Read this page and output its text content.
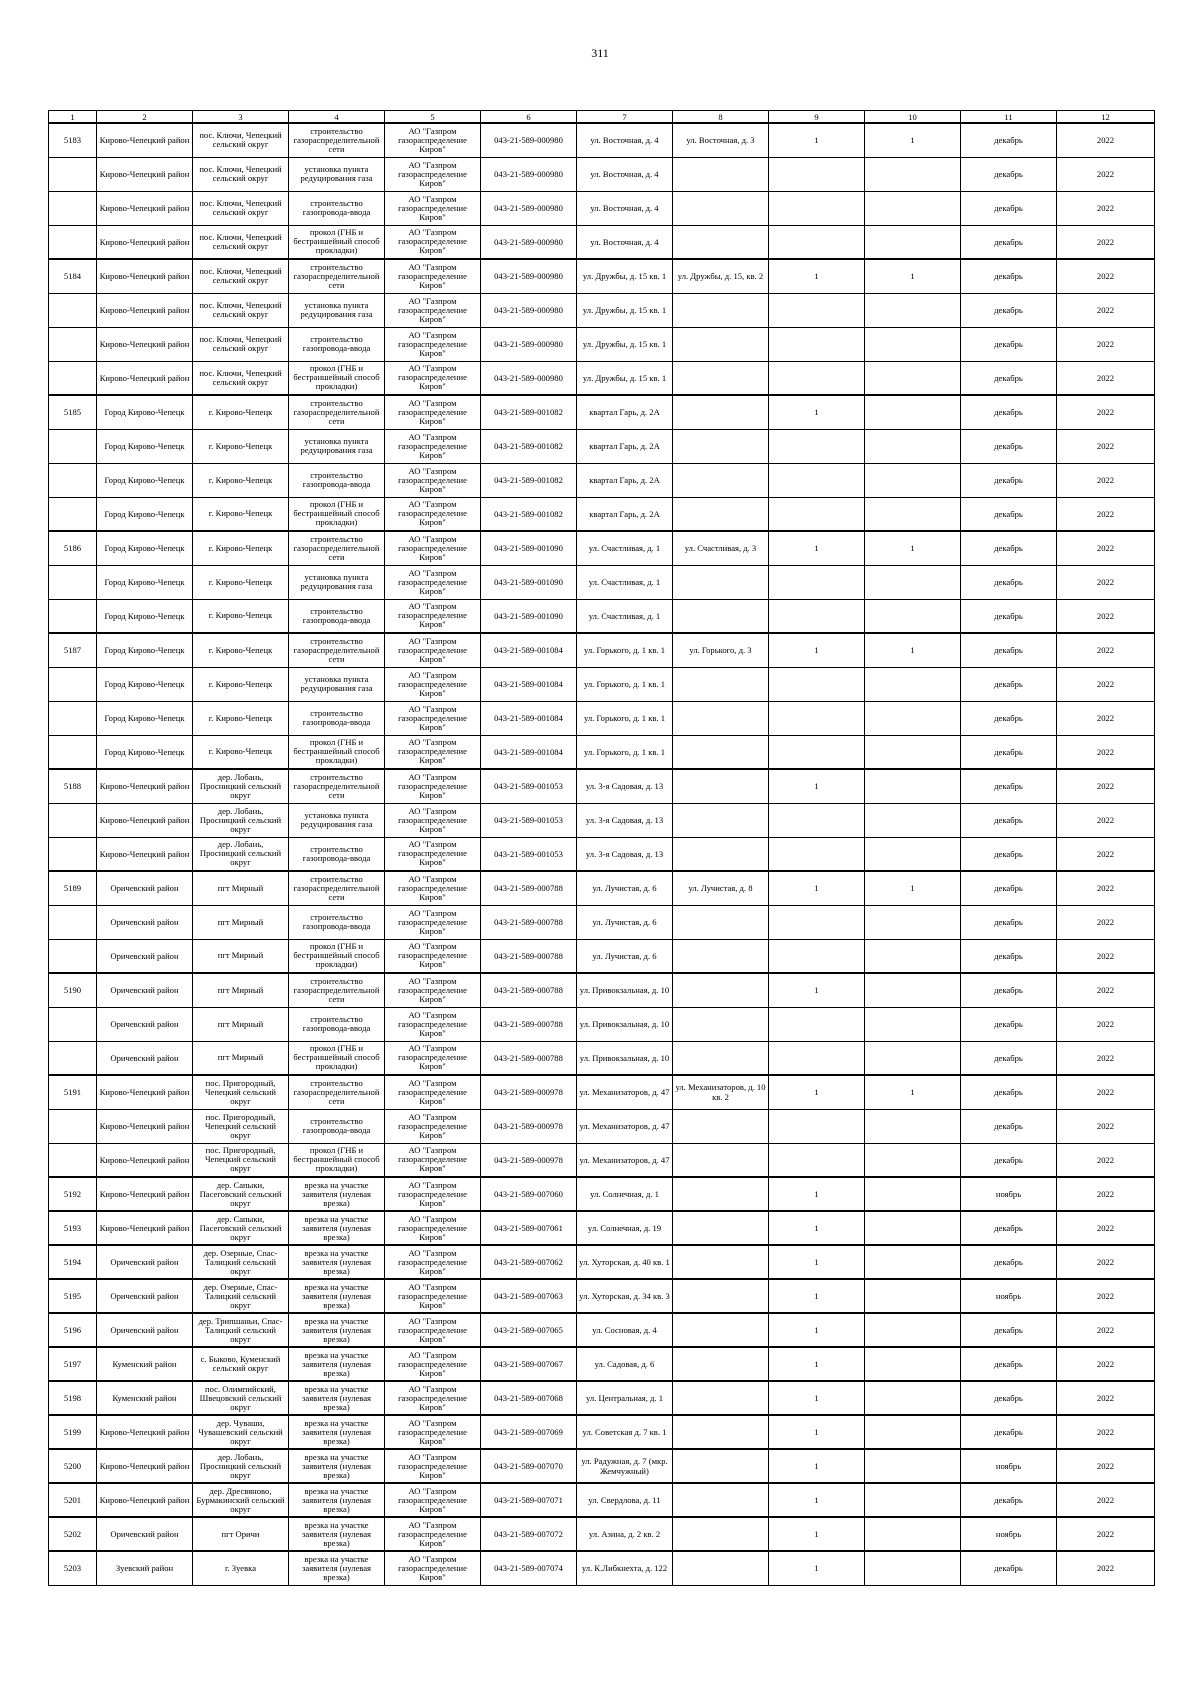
311
1	2	3	4	5	6	7	8	9	10	11	12
5183	Кирово-Чепецкий район	пос. Ключи, Чепецкий сельский округ	строительство газораспределительной сети	АО "Газпром газораспределение Киров"	043-21-589-000980	ул. Восточная, д. 4	ул. Восточная, д. 3	1	1	декабрь	2022
	Кирово-Чепецкий район	пос. Ключи, Чепецкий сельский округ	установка пункта редуцирования газа	АО "Газпром газораспределение Киров"	043-21-589-000980	ул. Восточная, д. 4				декабрь	2022
	Кирово-Чепецкий район	пос. Ключи, Чепецкий сельский округ	строительство газопровода-ввода	АО "Газпром газораспределение Киров"	043-21-589-000980	ул. Восточная, д. 4				декабрь	2022
	Кирово-Чепецкий район	пос. Ключи, Чепецкий сельский округ	прокол (ГНБ и бестраншейный способ прокладки)	АО "Газпром газораспределение Киров"	043-21-589-000980	ул. Восточная, д. 4				декабрь	2022
5184	Кирово-Чепецкий район	пос. Ключи, Чепецкий сельский округ	строительство газораспределительной сети	АО "Газпром газораспределение Киров"	043-21-589-000980	ул. Дружбы, д. 15 кв. 1	ул. Дружбы, д. 15, кв. 2	1	1	декабрь	2022
	Кирово-Чепецкий район	пос. Ключи, Чепецкий сельский округ	установка пункта редуцирования газа	АО "Газпром газораспределение Киров"	043-21-589-000980	ул. Дружбы, д. 15 кв. 1				декабрь	2022
	Кирово-Чепецкий район	пос. Ключи, Чепецкий сельский округ	строительство газопровода-ввода	АО "Газпром газораспределение Киров"	043-21-589-000980	ул. Дружбы, д. 15 кв. 1				декабрь	2022
	Кирово-Чепецкий район	пос. Ключи, Чепецкий сельский округ	прокол (ГНБ и бестраншейный способ прокладки)	АО "Газпром газораспределение Киров"	043-21-589-000980	ул. Дружбы, д. 15 кв. 1				декабрь	2022
5185	Город Кирово-Чепецк	г. Кирово-Чепецк	строительство газораспределительной сети	АО "Газпром газораспределение Киров"	043-21-589-001082	квартал Гарь, д. 2А		1		декабрь	2022
	Город Кирово-Чепецк	г. Кирово-Чепецк	установка пункта редуцирования газа	АО "Газпром газораспределение Киров"	043-21-589-001082	квартал Гарь, д. 2А				декабрь	2022
	Город Кирово-Чепецк	г. Кирово-Чепецк	строительство газопровода-ввода	АО "Газпром газораспределение Киров"	043-21-589-001082	квартал Гарь, д. 2А				декабрь	2022
	Город Кирово-Чепецк	г. Кирово-Чепецк	прокол (ГНБ и бестраншейный способ прокладки)	АО "Газпром газораспределение Киров"	043-21-589-001082	квартал Гарь, д. 2А				декабрь	2022
5186	Город Кирово-Чепецк	г. Кирово-Чепецк	строительство газораспределительной сети	АО "Газпром газораспределение Киров"	043-21-589-001090	ул. Счастливая, д. 1	ул. Счастливая, д. 3	1	1	декабрь	2022
	Город Кирово-Чепецк	г. Кирово-Чепецк	установка пункта редуцирования газа	АО "Газпром газораспределение Киров"	043-21-589-001090	ул. Счастливая, д. 1				декабрь	2022
	Город Кирово-Чепецк	г. Кирово-Чепецк	строительство газопровода-ввода	АО "Газпром газораспределение Киров"	043-21-589-001090	ул. Счастливая, д. 1				декабрь	2022
5187	Город Кирово-Чепецк	г. Кирово-Чепецк	строительство газораспределительной сети	АО "Газпром газораспределение Киров"	043-21-589-001084	ул. Горького, д. 1 кв. 1	ул. Горького, д. 3	1	1	декабрь	2022
	Город Кирово-Чепецк	г. Кирово-Чепецк	установка пункта редуцирования газа	АО "Газпром газораспределение Киров"	043-21-589-001084	ул. Горького, д. 1 кв. 1				декабрь	2022
	Город Кирово-Чепецк	г. Кирово-Чепецк	строительство газопровода-ввода	АО "Газпром газораспределение Киров"	043-21-589-001084	ул. Горького, д. 1 кв. 1				декабрь	2022
	Город Кирово-Чепецк	г. Кирово-Чепецк	прокол (ГНБ и бестраншейный способ прокладки)	АО "Газпром газораспределение Киров"	043-21-589-001084	ул. Горького, д. 1 кв. 1				декабрь	2022
5188	Кирово-Чепецкий район	дер. Лобань, Просницкий сельский округ	строительство газораспределительной сети	АО "Газпром газораспределение Киров"	043-21-589-001053	ул. 3-я Садовая, д. 13		1		декабрь	2022
	Кирово-Чепецкий район	дер. Лобань, Просницкий сельский округ	установка пункта редуцирования газа	АО "Газпром газораспределение Киров"	043-21-589-001053	ул. 3-я Садовая, д. 13				декабрь	2022
	Кирово-Чепецкий район	дер. Лобань, Просницкий сельский округ	строительство газопровода-ввода	АО "Газпром газораспределение Киров"	043-21-589-001053	ул. 3-я Садовая, д. 13				декабрь	2022
5189	Оричевский район	пгт Мирный	строительство газораспределительной сети	АО "Газпром газораспределение Киров"	043-21-589-000788	ул. Лучистая, д. 6	ул. Лучистая, д. 8	1	1	декабрь	2022
	Оричевский район	пгт Мирный	строительство газопровода-ввода	АО "Газпром газораспределение Киров"	043-21-589-000788	ул. Лучистая, д. 6				декабрь	2022
	Оричевский район	пгт Мирный	прокол (ГНБ и бестраншейный способ прокладки)	АО "Газпром газораспределение Киров"	043-21-589-000788	ул. Лучистая, д. 6				декабрь	2022
5190	Оричевский район	пгт Мирный	строительство газораспределительной сети	АО "Газпром газораспределение Киров"	043-21-589-000788	ул. Привокзальная, д. 10		1		декабрь	2022
	Оричевский район	пгт Мирный	строительство газопровода-ввода	АО "Газпром газораспределение Киров"	043-21-589-000788	ул. Привокзальная, д. 10				декабрь	2022
	Оричевский район	пгт Мирный	прокол (ГНБ и бестраншейный способ прокладки)	АО "Газпром газораспределение Киров"	043-21-589-000788	ул. Привокзальная, д. 10				декабрь	2022
5191	Кирово-Чепецкий район	пос. Пригородный, Чепецкий сельский округ	строительство газораспределительной сети	АО "Газпром газораспределение Киров"	043-21-589-000978	ул. Механизаторов, д. 47	ул. Механизаторов, д. 10 кв. 2	1	1	декабрь	2022
	Кирово-Чепецкий район	пос. Пригородный, Чепецкий сельский округ	строительство газопровода-ввода	АО "Газпром газораспределение Киров"	043-21-589-000978	ул. Механизаторов, д. 47				декабрь	2022
	Кирово-Чепецкий район	пос. Пригородный, Чепецкий сельский округ	прокол (ГНБ и бестраншейный способ прокладки)	АО "Газпром газораспределение Киров"	043-21-589-000978	ул. Механизаторов, д. 47				декабрь	2022
5192	Кирово-Чепецкий район	дер. Сапыки, Пасеговский сельский округ	врезка на участке заявителя (нулевая врезка)	АО "Газпром газораспределение Киров"	043-21-589-007060	ул. Солнечная, д. 1		1		ноябрь	2022
5193	Кирово-Чепецкий район	дер. Сапыки, Пасеговский сельский округ	врезка на участке заявителя (нулевая врезка)	АО "Газпром газораспределение Киров"	043-21-589-007061	ул. Солнечная, д. 19		1		декабрь	2022
5194	Оричевский район	дер. Озерные, Спас-Талицкий сельский округ	врезка на участке заявителя (нулевая врезка)	АО "Газпром газораспределение Киров"	043-21-589-007062	ул. Хуторская, д. 40 кв. 1		1		декабрь	2022
5195	Оричевский район	дер. Озерные, Спас-Талицкий сельский округ	врезка на участке заявителя (нулевая врезка)	АО "Газпром газораспределение Киров"	043-21-589-007063	ул. Хуторская, д. 34 кв. 3		1		ноябрь	2022
5196	Оричевский район	дер. Трипшаньи, Спас-Талицкий сельский округ	врезка на участке заявителя (нулевая врезка)	АО "Газпром газораспределение Киров"	043-21-589-007065	ул. Сосновая, д. 4		1		декабрь	2022
5197	Куменский район	с. Быково, Куменский сельский округ	врезка на участке заявителя (нулевая врезка)	АО "Газпром газораспределение Киров"	043-21-589-007067	ул. Садовая, д. 6		1		декабрь	2022
5198	Куменский район	пос. Олимпийский, Швецовский сельский округ	врезка на участке заявителя (нулевая врезка)	АО "Газпром газораспределение Киров"	043-21-589-007068	ул. Центральная, д. 1		1		декабрь	2022
5199	Кирово-Чепецкий район	дер. Чуваши, Чувашевский сельский округ	врезка на участке заявителя (нулевая врезка)	АО "Газпром газораспределение Киров"	043-21-589-007069	ул. Советская д. 7 кв. 1		1		декабрь	2022
5200	Кирово-Чепецкий район	дер. Лобань, Просницкий сельский округ	врезка на участке заявителя (нулевая врезка)	АО "Газпром газораспределение Киров"	043-21-589-007070	ул. Радужная, д. 7 (мкр. Жемчужный)		1		ноябрь	2022
5201	Кирово-Чепецкий район	дер. Дресвяново, Бурмакинский сельский округ	врезка на участке заявителя (нулевая врезка)	АО "Газпром газораспределение Киров"	043-21-589-007071	ул. Свердлова, д. 11		1		декабрь	2022
5202	Оричевский район	пгт Оричи	врезка на участке заявителя (нулевая врезка)	АО "Газпром газораспределение Киров"	043-21-589-007072	ул. Азина, д. 2 кв. 2		1		ноябрь	2022
5203	Зуевский район	г. Зуевка	врезка на участке заявителя (нулевая врезка)	АО "Газпром газораспределение Киров"	043-21-589-007074	ул. К.Либкнехта, д. 122		1		декабрь	2022
